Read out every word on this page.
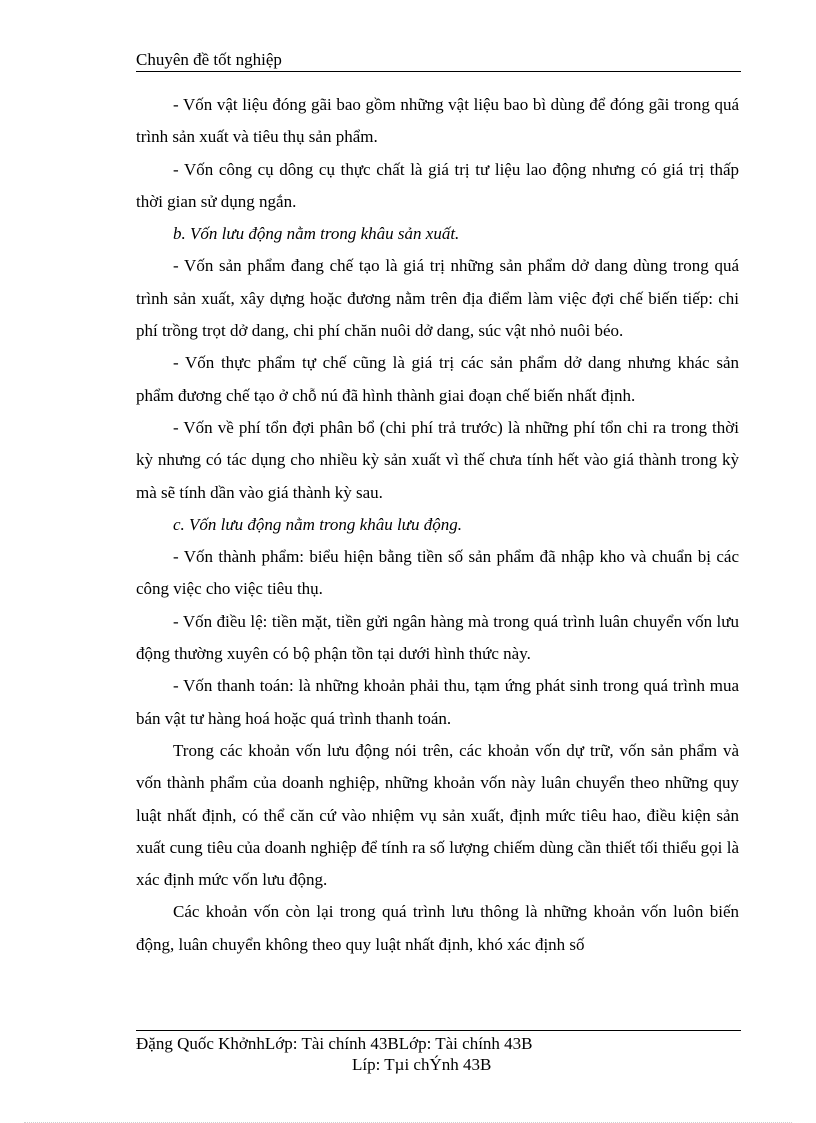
Chuyên đề tốt nghiệp

- Vốn vật liệu đóng gãi bao gồm những vật liệu bao bì dùng để đóng gãi trong quá trình sản xuất và tiêu thụ sản phẩm.

- Vốn công cụ dông cụ thực chất là giá trị tư liệu lao động nhưng có giá trị thấp thời gian sử dụng ngắn.

b. Vốn lưu động nằm trong khâu sản xuất.

- Vốn sản phẩm đang chế tạo là giá trị những sản phẩm dở dang dùng trong quá trình sản xuất, xây dựng hoặc đương nằm trên địa điểm làm việc đợi chế biến tiếp: chi phí trồng trọt dở dang, chi phí chăn nuôi dở dang, súc vật nhỏ nuôi béo.

- Vốn thực phẩm tự chế cũng là giá trị các sản phẩm dở dang nhưng khác sản phẩm đương chế tạo ở chỗ nú đã hình thành giai đoạn chế biến nhất định.

- Vốn về phí tổn đợi phân bổ (chi phí trả trước) là những phí tổn chi ra trong thời kỳ nhưng có tác dụng cho nhiều kỳ sản xuất vì thế chưa tính hết vào giá thành trong kỳ mà sẽ tính dần vào giá thành kỳ sau.

c. Vốn lưu động nằm trong khâu lưu động.

- Vốn thành phẩm: biểu hiện bằng tiền số sản phẩm đã nhập kho và chuẩn bị các công việc cho việc tiêu thụ.

- Vốn điều lệ: tiền mặt, tiền gửi ngân hàng mà trong quá trình luân chuyển vốn lưu động thường xuyên có bộ phận tồn tại dưới hình thức này.

- Vốn thanh toán: là những khoản phải thu, tạm ứng phát sinh trong quá trình mua bán vật tư hàng hoá hoặc quá trình thanh toán.

Trong các khoản vốn lưu động nói trên, các khoản vốn dự trữ, vốn sản phẩm và vốn thành phẩm của doanh nghiệp, những khoản vốn này luân chuyển theo những quy luật nhất định, có thể căn cứ vào nhiệm vụ sản xuất, định mức tiêu hao, điều kiện sản xuất cung tiêu của doanh nghiệp để tính ra số lượng chiếm dùng cần thiết tối thiểu gọi là xác định mức vốn lưu động.

Các khoản vốn còn lại trong quá trình lưu thông là những khoản vốn luôn biến động, luân chuyển không theo quy luật nhất định, khó xác định số

Đặng Quốc KhởnhLớp: Tài chính 43BLớp: Tài chính 43B
Líp: Tµi chÝnh 43B
